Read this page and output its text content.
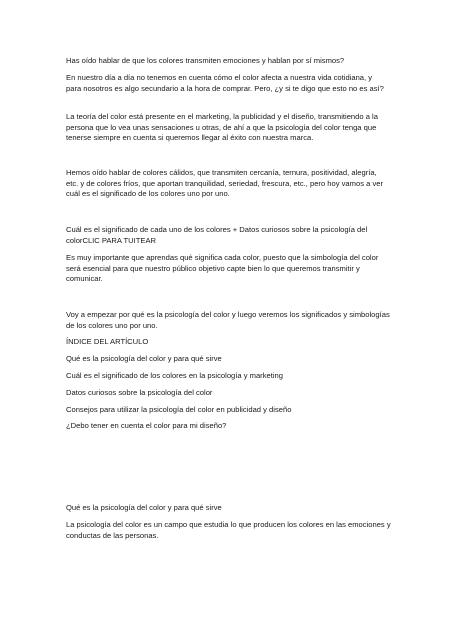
Has oído hablar de que los colores transmiten emociones y hablan por sí mismos?

En nuestro día a día no tenemos en cuenta cómo el color afecta a nuestra vida cotidiana, y
para nosotros es algo secundario a la hora de comprar. Pero, ¿y si te digo que esto no es así?

La teoría del color está presente en el marketing, la publicidad y el diseño, transmitiendo a la
persona que lo vea unas sensaciones u otras, de ahí a que la psicología del color tenga que
tenerse siempre en cuenta si queremos llegar al éxito con nuestra marca.

Hemos oído hablar de colores cálidos, que transmiten cercanía, ternura, positividad, alegría,
etc. y de colores fríos, que aportan tranquilidad, seriedad, frescura, etc., pero hoy vamos a ver
cuál es el significado de los colores uno por uno.

Cuál es el significado de cada uno de los colores + Datos curiosos sobre la psicología del
colorCLIC PARA TUITEAR

Es muy importante que aprendas qué significa cada color, puesto que la simbología del color
será esencial para que nuestro público objetivo capte bien lo que queremos transmitir y
comunicar.

Voy a empezar por qué es la psicología del color y luego veremos los significados y simbologías
de los colores uno por uno.

ÍNDICE DEL ARTÍCULO

Qué es la psicología del color y para qué sirve

Cuál es el significado de los colores en la psicología y marketing

Datos curiosos sobre la psicología del color

Consejos para utilizar la psicología del color en publicidad y diseño

¿Debo tener en cuenta el color para mi diseño?

Qué es la psicología del color y para qué sirve

La psicología del color es un campo que estudia lo que producen los colores en las emociones y
conductas de las personas.
